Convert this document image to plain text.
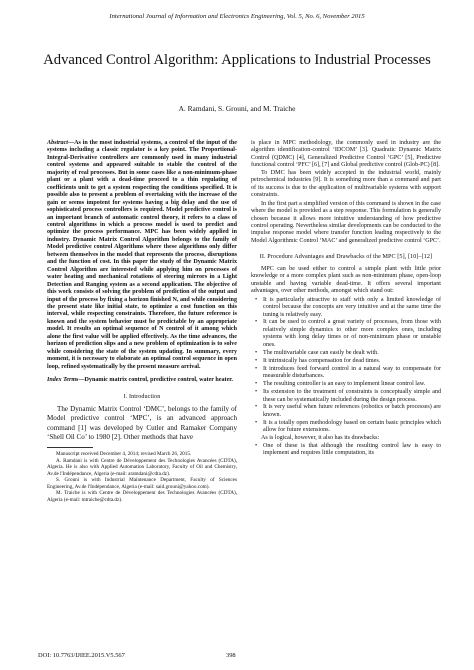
International Journal of Information and Electronics Engineering, Vol. 5, No. 6, November 2015
Advanced Control Algorithm: Applications to Industrial Processes
A. Ramdani, S. Grouni, and M. Traiche

Abstract—As in the most industrial systems, a control of the input of the systems including a classic regulator is a key point. The Proportional-Integral-Derivative controllers are commonly used in many industrial control systems and appeared suitable to stable the control of the majority of real processes. But in some cases like a non-minimum-phase plant or a plant with a dead-time proceed to a thin regulating of coefficients unit to get a system respecting the conditions specified. It is possible also to present a problem of overtaking with the increase of the gain or seems impotent for systems having a big delay and the use of sophisticated process controllers is required. Model predictive control is an important branch of automatic control theory, it refers to a class of control algorithms in which a process model is used to predict and optimize the process performance. MPC has been widely applied in industry. Dynamic Matrix Control Algorithm belongs to the family of Model predictive control Algorithms where these algorithms only differ between themselves in the model that represents the process, disruptions and the function of cost. In this paper the study of the Dynamic Matrix Control Algorithm are interested while applying him on processes of water heating and mechanical rotations of steering mirrors in a Light Detection and Ranging system as a second application. The objective of this work consists of solving the problem of prediction of the output and input of the process by fixing a horizon finished N, and while considering the present state like initial state, to optimize a cost function on this interval, while respecting constraints. Therefore, the future reference is known and the system behavior must be predictable by an appropriate model. It results an optimal sequence of N control of it among which alone the first value will be applied effectively. As the time advances, the horizon of prediction slips and a new problem of optimization is to solve while considering the state of the system updating. In summary, every moment, it is necessary to elaborate an optimal control sequence in open loop, refined systematically by the present measure arrival.

Index Terms—Dynamic matrix control, predictive control, water heater.

I. Introduction

The Dynamic Matrix Control ‘DMC’, belongs to the family of Model predictive control ‘MPC’, is an advanced approach command [1] was developed by Cutler and Ramaker Company ‘Shell Oil Co’ to 1980 [2]. Other methods that have

Manuscript received December 4, 2014; revised March 26, 2015.

A. Ramdani is with Centre de Développement des Technologies Avancées (CDTA), Algeria. He is also with Applied Automation Laboratory, Faculty of Oil and Chemistry, Av.de l'Indépendance, Algeria (e-mail: aramdani@cdta.dz).

S. Grouni is with Industrial Maintenance Department, Faculty of Sciences Engineering, Av.de l'Indépendance, Algeria (e-mail: said.grouni@yahoo.com).

M. Traiche is with Centre de Développement des Technologies Avancées (CDTA), Algeria (e-mail: mtraiche@cdta.dz).

is place in MPC methodology, the commonly used in industry are the algorithm identification-control ‘IDCOM’ [3]. Quadratic Dynamic Matrix Control (QDMC) [4], Generalized Predictive Control ‘GPC’ [5], Predictive functional control ‘PFC’ [6], [7] and Global predictive control (Glob-PC) [8].

To DMC has been widely accepted in the industrial world, mainly petrochemical industries [9]. It is something more than a command and part of its success is due to the application of multivariable systems with support constraints.

In the first part a simplified version of this command is shown in the case where the model is provided as a step response. This formulation is generally chosen because it allows more intuitive understanding of how predictive control operating. Nevertheless similar developments can be conducted to the impulse response model where transfer function leading respectively to the Model Algorithmic Control ‘MAC’ and generalized predictive control ‘GPC’.

II. Procedure Advantages and Drawbacks of the MPC [5], [10]–[12]

MPC can be used either to control a simple plant with little prior knowledge or a more complex plant such as non-minimum phase, open-loop unstable and having variable dead-time. It offers several important advantages, over other methods, amongst which stand out:

• It is particularly attractive to staff with only a limited knowledge of control because the concepts are very intuitive and at the same time the tuning is relatively easy.
• It can be used to control a great variety of processes, from those with relatively simple dynamics to other more complex ones, including systems with long delay times or of non-minimum phase or unstable ones.
• The multivariable case can easily be dealt with.
• It intrinsically has compensation for dead times.
• It introduces feed forward control in a natural way to compensate for measurable disturbances.
• The resulting controller is an easy to implement linear control law.
• Its extension to the treatment of constraints is conceptually simple and these can be systematically included during the design process.
• It is very useful when future references (robotics or batch processes) are known.
• It is a totally open methodology based on certain basic principles which allow for future extensions.

As is logical, however, it also has its drawbacks:

• One of these is that although the resulting control law is easy to implement and requires little computation, its
DOI: 10.7763/IJIEE.2015.V5.567	398
